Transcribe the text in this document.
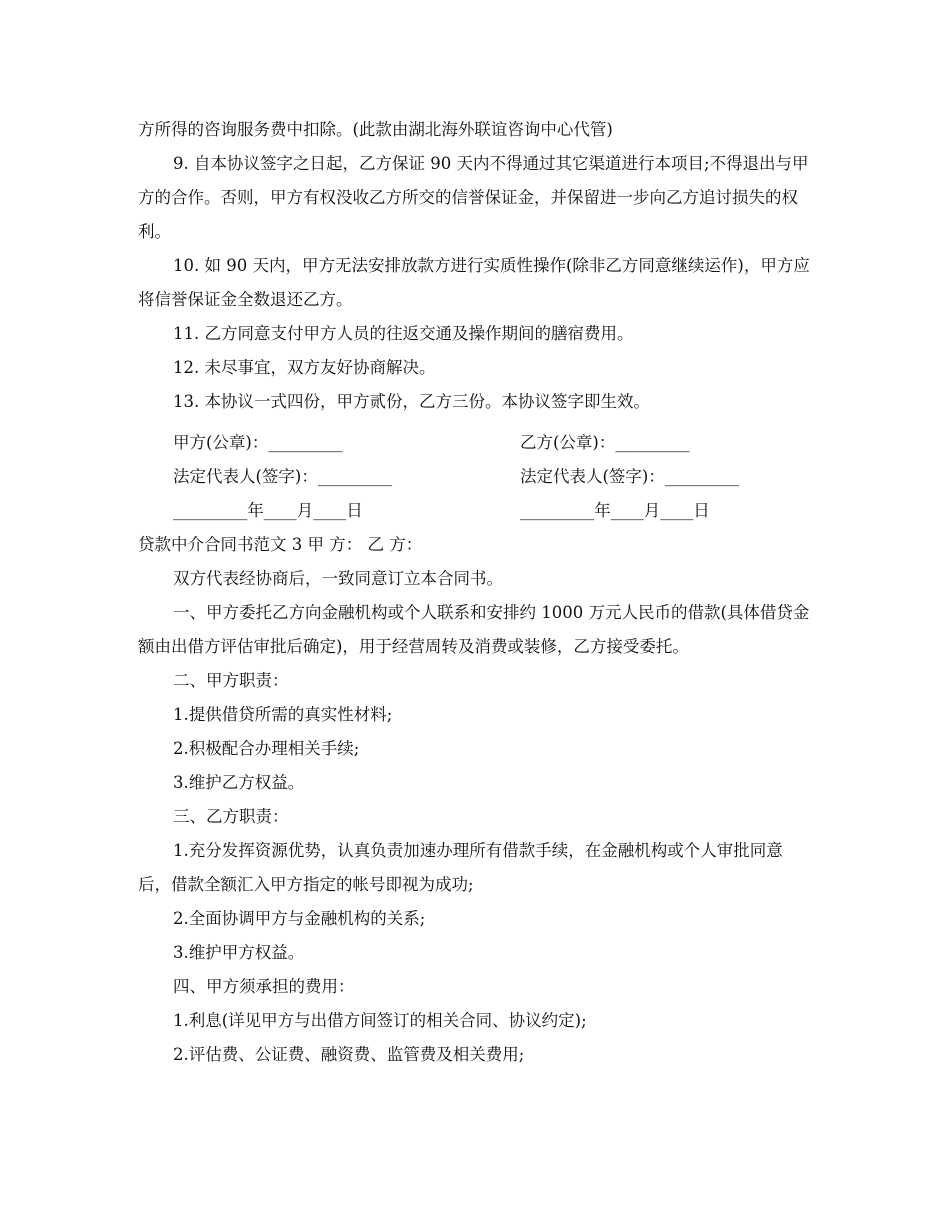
方所得的咨询服务费中扣除。(此款由湖北海外联谊咨询中心代管)

9. 自本协议签字之日起，乙方保证 90 天内不得通过其它渠道进行本项目;不得退出与甲方的合作。否则，甲方有权没收乙方所交的信誉保证金，并保留进一步向乙方追讨损失的权利。

10. 如 90 天内，甲方无法安排放款方进行实质性操作(除非乙方同意继续运作)，甲方应将信誉保证金全数退还乙方。

11. 乙方同意支付甲方人员的往返交通及操作期间的膳宿费用。

12. 未尽事宜，双方友好协商解决。

13. 本协议一式四份，甲方贰份，乙方三份。本协议签字即生效。

甲方(公章)：_________	乙方(公章)：_________
法定代表人(签字)：_________	法定代表人(签字)：_________
_________年____月____日	_________年____月____日

贷款中介合同书范文 3 甲 方： 乙 方：

双方代表经协商后，一致同意订立本合同书。

一、甲方委托乙方向金融机构或个人联系和安排约 1000 万元人民币的借款(具体借贷金额由出借方评估审批后确定)，用于经营周转及消费或装修，乙方接受委托。

二、甲方职责：

1.提供借贷所需的真实性材料;

2.积极配合办理相关手续;

3.维护乙方权益。

三、乙方职责：

1.充分发挥资源优势，认真负责加速办理所有借款手续，在金融机构或个人审批同意后，借款全额汇入甲方指定的帐号即视为成功;

2.全面协调甲方与金融机构的关系;

3.维护甲方权益。

四、甲方须承担的费用：

1.利息(详见甲方与出借方间签订的相关合同、协议约定);

2.评估费、公证费、融资费、监管费及相关费用;
